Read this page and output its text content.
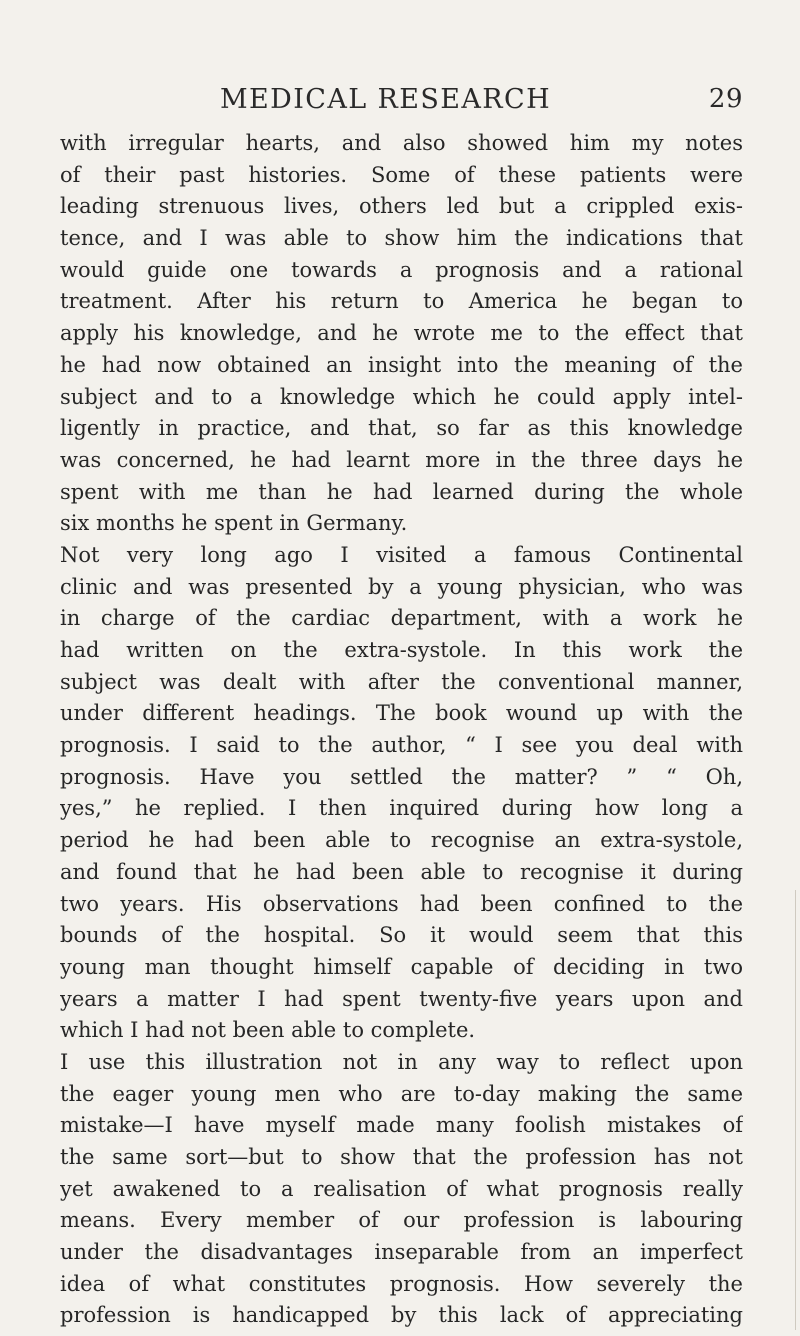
MEDICAL RESEARCH	29
with irregular hearts, and also showed him my notes
of their past histories. Some of these patients were
leading strenuous lives, others led but a crippled exis-
tence, and I was able to show him the indications that
would guide one towards a prognosis and a rational
treatment. After his return to America he began to
apply his knowledge, and he wrote me to the effect that
he had now obtained an insight into the meaning of the
subject and to a knowledge which he could apply intel-
ligently in practice, and that, so far as this knowledge
was concerned, he had learnt more in the three days he
spent with me than he had learned during the whole
six months he spent in Germany.
Not very long ago I visited a famous Continental
clinic and was presented by a young physician, who was
in charge of the cardiac department, with a work he
had written on the extra-systole. In this work the
subject was dealt with after the conventional manner,
under different headings. The book wound up with the
prognosis. I said to the author, “ I see you deal with
prognosis. Have you settled the matter? ” “ Oh,
yes,” he replied. I then inquired during how long a
period he had been able to recognise an extra-systole,
and found that he had been able to recognise it during
two years. His observations had been confined to the
bounds of the hospital. So it would seem that this
young man thought himself capable of deciding in two
years a matter I had spent twenty-five years upon and
which I had not been able to complete.
I use this illustration not in any way to reflect upon
the eager young men who are to-day making the same
mistake—I have myself made many foolish mistakes of
the same sort—but to show that the profession has not
yet awakened to a realisation of what prognosis really
means. Every member of our profession is labouring
under the disadvantages inseparable from an imperfect
idea of what constitutes prognosis. How severely the
profession is handicapped by this lack of appreciating
